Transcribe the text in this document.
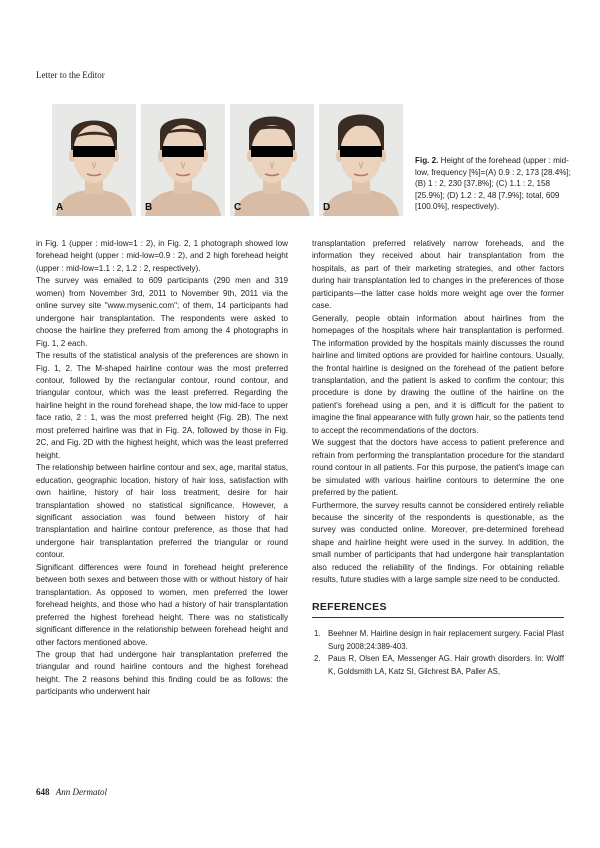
Letter to the Editor
A	B	C	D
Fig. 2. Height of the forehead (upper : mid-low, frequency [%]=(A) 0.9 : 2, 173 [28.4%]; (B) 1 : 2, 230 [37.8%]; (C) 1.1 : 2, 158 [25.9%]; (D) 1.2 : 2, 48 [7.9%]; total, 609 [100.0%], respectively).

in Fig. 1 (upper : mid-low=1 : 2), in Fig. 2, 1 photograph showed low forehead height (upper : mid-low=0.9 : 2), and 2 high forehead height (upper : mid-low=1.1 : 2, 1.2 : 2, respectively).

The survey was emailed to 609 participants (290 men and 319 women) from November 3rd, 2011 to November 9th, 2011 via the online survey site "www.mysenic.com"; of them, 14 participants had undergone hair transplantation. The respondents were asked to choose the hairline they preferred from among the 4 photographs in Fig. 1, 2 each.

The results of the statistical analysis of the preferences are shown in Fig. 1, 2. The M-shaped hairline contour was the most preferred contour, followed by the rectangular contour, round contour, and triangular contour, which was the least preferred. Regarding the hairline height in the round forehead shape, the low mid-face to upper face ratio, 2 : 1, was the most preferred height (Fig. 2B). The next most preferred hairline was that in Fig. 2A, followed by those in Fig. 2C, and Fig. 2D with the highest height, which was the least preferred height.

The relationship between hairline contour and sex, age, marital status, education, geographic location, history of hair loss, satisfaction with own hairline, history of hair loss treatment, desire for hair transplantation showed no statistical significance. However, a significant association was found between history of hair transplantation and hairline contour preference, as those that had undergone hair transplantation preferred the triangular or round contour.

Significant differences were found in forehead height preference between both sexes and between those with or without history of hair transplantation. As opposed to women, men preferred the lower forehead heights, and those who had a history of hair transplantation preferred the highest forehead height. There was no statistically significant difference in the relationship between forehead height and other factors mentioned above.

The group that had undergone hair transplantation preferred the triangular and round hairline contours and the highest forehead height. The 2 reasons behind this finding could be as follows: the participants who underwent hair

transplantation preferred relatively narrow foreheads, and the information they received about hair transplantation from the hospitals, as part of their marketing strategies, and other factors during hair transplantation led to changes in the preferences of those participants—the latter case holds more weight age over the former case.

Generally, people obtain information about hairlines from the homepages of the hospitals where hair transplantation is performed. The information provided by the hospitals mainly discusses the round hairline and limited options are provided for hairline contours. Usually, the frontal hairline is designed on the forehead of the patient before transplantation, and the patient is asked to confirm the contour; this procedure is done by drawing the outline of the hairline on the patient's forehead using a pen, and it is difficult for the patient to imagine the final appearance with fully grown hair, so the patients tend to accept the recommendations of the doctors.

We suggest that the doctors have access to patient preference and refrain from performing the transplantation procedure for the standard round contour in all patients. For this purpose, the patient's image can be simulated with various hairline contours to determine the one preferred by the patient.

Furthermore, the survey results cannot be considered entirely reliable because the sincerity of the respondents is questionable, as the survey was conducted online. Moreover, pre-determined forehead shape and hairline height were used in the survey. In addition, the small number of participants that had undergone hair transplantation also reduced the reliability of the findings. For obtaining reliable results, future studies with a large sample size need to be conducted.

REFERENCES
1. Beehner M. Hairline design in hair replacement surgery. Facial Plast Surg 2008;24:389-403.
2. Paus R, Olsen EA, Messenger AG. Hair growth disorders. In: Wolff K, Goldsmith LA, Katz SI, Gilchrest BA, Paller AS,
648 Ann Dermatol
